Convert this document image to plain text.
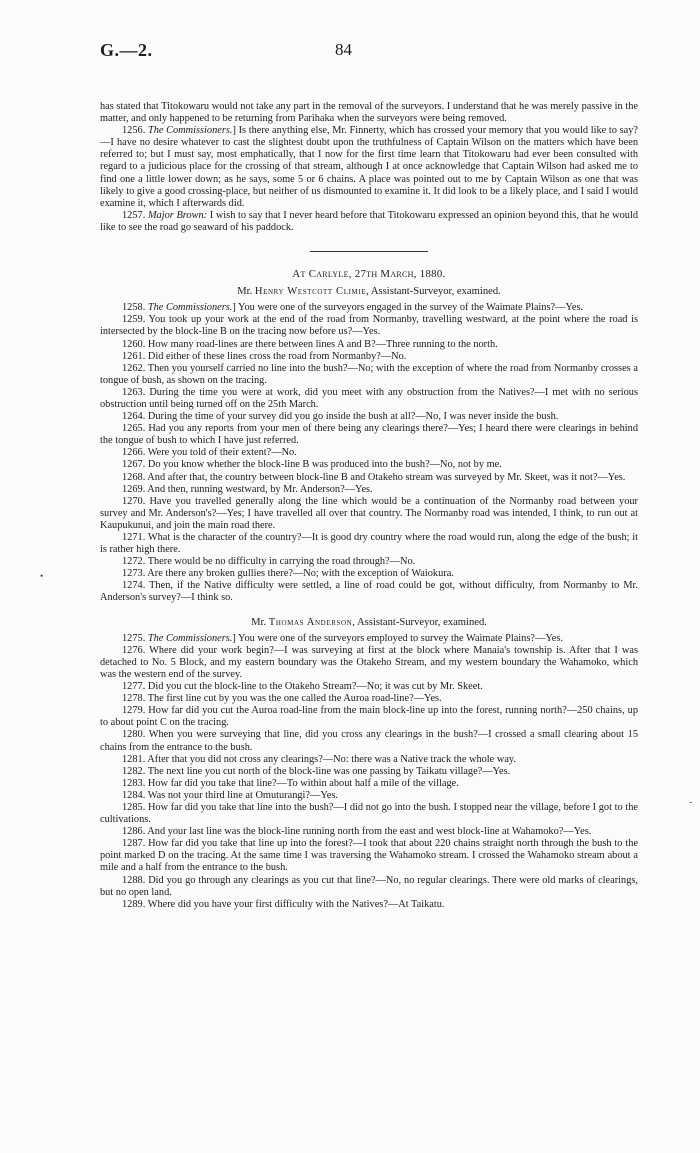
G.—2.	84
•
-

has stated that Titokowaru would not take any part in the removal of the surveyors. I understand that he was merely passive in the matter, and only happened to be returning from Parihaka when the surveyors were being removed.

1256. The Commissioners.] Is there anything else, Mr. Finnerty, which has crossed your memory that you would like to say?—I have no desire whatever to cast the slightest doubt upon the truthfulness of Captain Wilson on the matters which have been referred to; but I must say, most emphatically, that I now for the first time learn that Titokowaru had ever been consulted with regard to a judicious place for the crossing of that stream, although I at once acknowledge that Captain Wilson had asked me to find one a little lower down; as he says, some 5 or 6 chains. A place was pointed out to me by Captain Wilson as one that was likely to give a good crossing-place, but neither of us dismounted to examine it. It did look to be a likely place, and I said I would examine it, which I afterwards did.

1257. Major Brown: I wish to say that I never heard before that Titokowaru expressed an opinion beyond this, that he would like to see the road go seaward of his paddock.

At Carlyle, 27th March, 1880.
Mr. Henry Westcott Climie, Assistant-Surveyor, examined.

1258. The Commissioners.] You were one of the surveyors engaged in the survey of the Waimate Plains?—Yes.

1259. You took up your work at the end of the road from Normanby, travelling westward, at the point where the road is intersected by the block-line B on the tracing now before us?—Yes.

1260. How many road-lines are there between lines A and B?—Three running to the north.

1261. Did either of these lines cross the road from Normanby?—No.

1262. Then you yourself carried no line into the bush?—No; with the exception of where the road from Normanby crosses a tongue of bush, as shown on the tracing.

1263. During the time you were at work, did you meet with any obstruction from the Natives?—I met with no serious obstruction until being turned off on the 25th March.

1264. During the time of your survey did you go inside the bush at all?—No, I was never inside the bush.

1265. Had you any reports from your men of there being any clearings there?—Yes; I heard there were clearings in behind the tongue of bush to which I have just referred.

1266. Were you told of their extent?—No.

1267. Do you know whether the block-line B was produced into the bush?—No, not by me.

1268. And after that, the country between block-line B and Otakeho stream was surveyed by Mr. Skeet, was it not?—Yes.

1269. And then, running westward, by Mr. Anderson?—Yes.

1270. Have you travelled generally along the line which would be a continuation of the Normanby road between your survey and Mr. Anderson's?—Yes; I have travelled all over that country. The Normanby road was intended, I think, to run out at Kaupukunui, and join the main road there.

1271. What is the character of the country?—It is good dry country where the road would run, along the edge of the bush; it is rather high there.

1272. There would be no difficulty in carrying the road through?—No.

1273. Are there any broken gullies there?—No; with the exception of Waiokura.

1274. Then, if the Native difficulty were settled, a line of road could be got, without difficulty, from Normanby to Mr. Anderson's survey?—I think so.

Mr. Thomas Anderson, Assistant-Surveyor, examined.

1275. The Commissioners.] You were one of the surveyors employed to survey the Waimate Plains?—Yes.

1276. Where did your work begin?—I was surveying at first at the block where Manaia's township is. After that I was detached to No. 5 Block, and my eastern boundary was the Otakeho Stream, and my western boundary the Wahamoko, which was the western end of the survey.

1277. Did you cut the block-line to the Otakeho Stream?—No; it was cut by Mr. Skeet.

1278. The first line cut by you was the one called the Auroa road-line?—Yes.

1279. How far did you cut the Auroa road-line from the main block-line up into the forest, running north?—250 chains, up to about point C on the tracing.

1280. When you were surveying that line, did you cross any clearings in the bush?—I crossed a small clearing about 15 chains from the entrance to the bush.

1281. After that you did not cross any clearings?—No: there was a Native track the whole way.

1282. The next line you cut north of the block-line was one passing by Taikatu village?—Yes.

1283. How far did you take that line?—To within about half a mile of the village.

1284. Was not your third line at Omuturangi?—Yes.

1285. How far did you take that line into the bush?—I did not go into the bush. I stopped near the village, before I got to the cultivations.

1286. And your last line was the block-line running north from the east and west block-line at Wahamoko?—Yes.

1287. How far did you take that line up into the forest?—I took that about 220 chains straight north through the bush to the point marked D on the tracing. At the same time I was traversing the Wahamoko stream. I crossed the Wahamoko stream about a mile and a half from the entrance to the bush.

1288. Did you go through any clearings as you cut that line?—No, no regular clearings. There were old marks of clearings, but no open land.

1289. Where did you have your first difficulty with the Natives?—At Taikatu.
